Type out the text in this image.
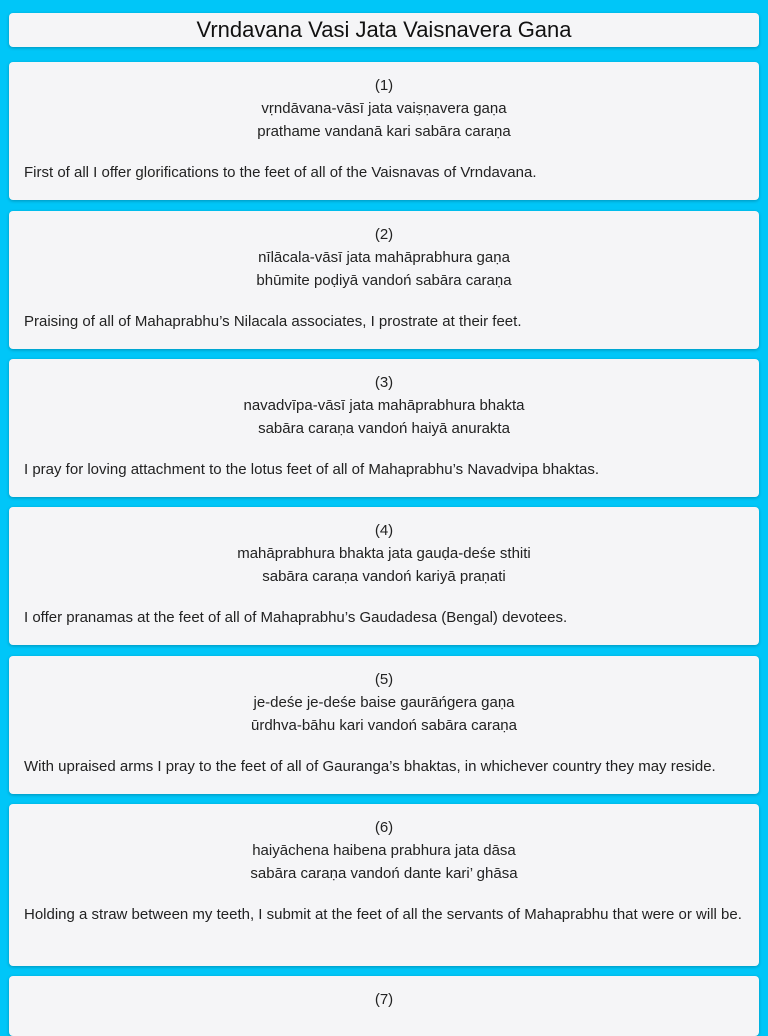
Vrndavana Vasi Jata Vaisnavera Gana
(1)
vṛndāvana-vāsī jata vaiṣṇavera gaṇa
prathame vandanā kari sabāra caraṇa
First of all I offer glorifications to the feet of all of the Vaisnavas of Vrndavana.
(2)
nīlācala-vāsī jata mahāprabhura gaṇa
bhūmite poḍiyā vandoń sabāra caraṇa
Praising of all of Mahaprabhu’s Nilacala associates, I prostrate at their feet.
(3)
navadvīpa-vāsī jata mahāprabhura bhakta
sabāra caraṇa vandoń haiyā anurakta
I pray for loving attachment to the lotus feet of all of Mahaprabhu’s Navadvipa bhaktas.
(4)
mahāprabhura bhakta jata gauḍa-deśe sthiti
sabāra caraṇa vandoń kariyā praṇati
I offer pranamas at the feet of all of Mahaprabhu’s Gaudadesa (Bengal) devotees.
(5)
je-deśe je-deśe baise gaurāńgera gaṇa
ūrdhva-bāhu kari vandoń sabāra caraṇa
With upraised arms I pray to the feet of all of Gauranga’s bhaktas, in whichever country they may reside.
(6)
haiyāchena haibena prabhura jata dāsa
sabāra caraṇa vandoń dante kari’ ghāsa
Holding a straw between my teeth, I submit at the feet of all the servants of Mahaprabhu that were or will be.
(7)
